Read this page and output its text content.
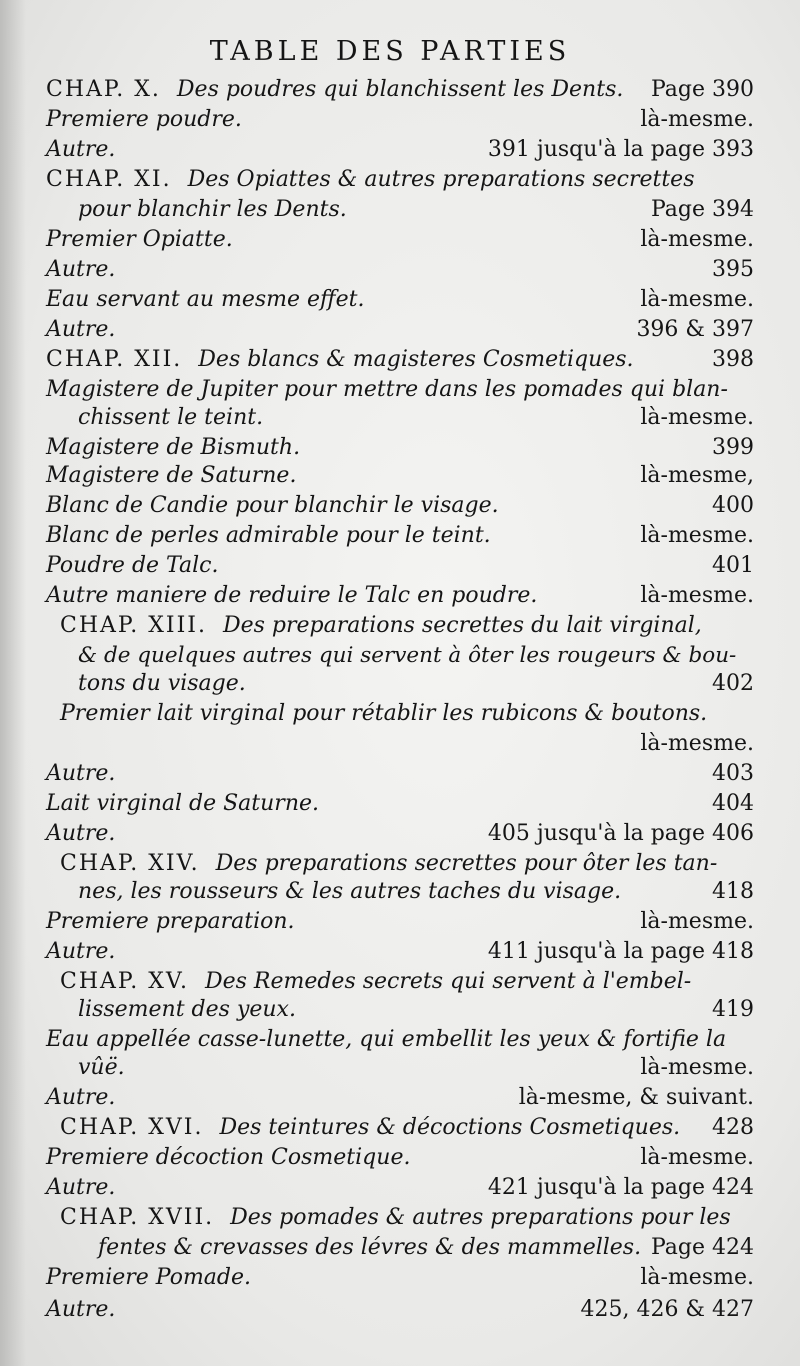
TABLE DES PARTIES
CHAP. X. Des poudres qui blanchissent les Dents. Page 390
Premiere poudre.	là-mesme.
Autre.	391 jusqu'à la page 393
CHAP. XI. Des Opiattes & autres preparations secrettes
pour blanchir les Dents.	Page 394
Premier Opiatte.	là-mesme.
Autre.	395
Eau servant au mesme effet.	là-mesme.
Autre.	396 & 397
CHAP. XII. Des blancs & magisteres Cosmetiques.	398
Magistere de Jupiter pour mettre dans les pomades qui blan-
chissent le teint.	là-mesme.
Magistere de Bismuth.	399
Magistere de Saturne.	là-mesme,
Blanc de Candie pour blanchir le visage.	400
Blanc de perles admirable pour le teint.	là-mesme.
Poudre de Talc.	401
Autre maniere de reduire le Talc en poudre.	là-mesme.
CHAP. XIII. Des preparations secrettes du lait virginal,
& de quelques autres qui servent à ôter les rougeurs & bou-
tons du visage.	402
Premier lait virginal pour rétablir les rubicons & boutons.
là-mesme.
Autre.	403
Lait virginal de Saturne.	404
Autre.	405 jusqu'à la page 406
CHAP. XIV. Des preparations secrettes pour ôter les tan-
nes, les rousseurs & les autres taches du visage.	418
Premiere preparation.	là-mesme.
Autre.	411 jusqu'à la page 418
CHAP. XV. Des Remedes secrets qui servent à l'embel-
lissement des yeux.	419
Eau appellée casse-lunette, qui embellit les yeux & fortifie la
vûë.	là-mesme.
Autre.	là-mesme, & suivant.
CHAP. XVI. Des teintures & décoctions Cosmetiques. 428
Premiere décoction Cosmetique.	là-mesme.
Autre.	421 jusqu'à la page 424
CHAP. XVII. Des pomades & autres preparations pour les
fentes & crevasses des lévres & des mammelles. Page 424
Premiere Pomade.	là-mesme.
Autre.	425, 426 & 427
